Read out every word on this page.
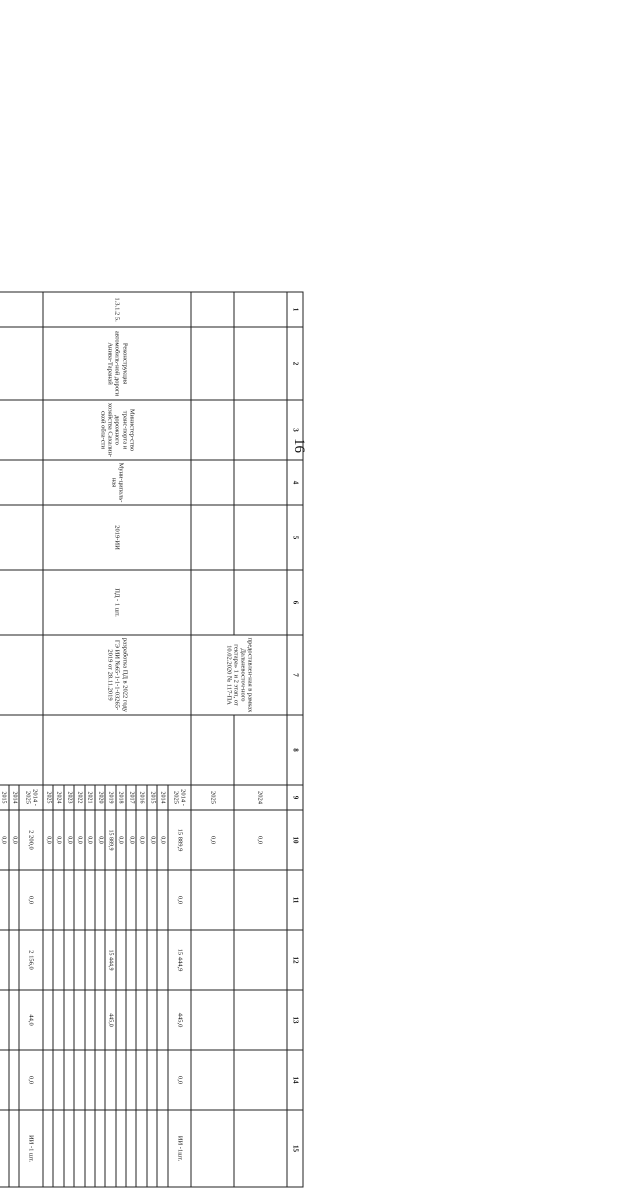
16
1	2	3	4	5	6	7	8	9	10	11	12	13	14	15
						предоставлен-ная в рамках Дальневосточ-ного гектара» 1 и 2 этап, от 10.02.2020 № 117-ПА		2024	0,0					
								2025	0,0					
1.3.1.2 5.	Реконструкция автомобиль-ной дороги Анива-Таранай	Министер-ство транс-порта и дорожного хозяйства Сахалин-ской обла-сти	Муни-ципаль-ная	2019-ИИ	ПД - 1 шт.	разработка ПД в 2022 году ГЭ ИИ №65-1-1-1-03265-2019 от 28.11.2019		2014 - 2025	15 889,9	0,0	15 444,9	445,0	0,0	ИИ -1шт.
								2014	0,0					
								2015	0,0					
								2016	0,0					
								2017	0,0					
								2018	0,0					
								2019	15 889,9		15 444,9	445,0		
								2020	0,0					
								2021	0,0					
								2022	0,0					
								2023	0,0					
								2024	0,0					
								2025	0,0					
								2014 - 2025	2 200,0	0,0	2 156,0	44,0	0,0	ИИ -1 шт.
								2014	0,0					
								2015	0,0					
